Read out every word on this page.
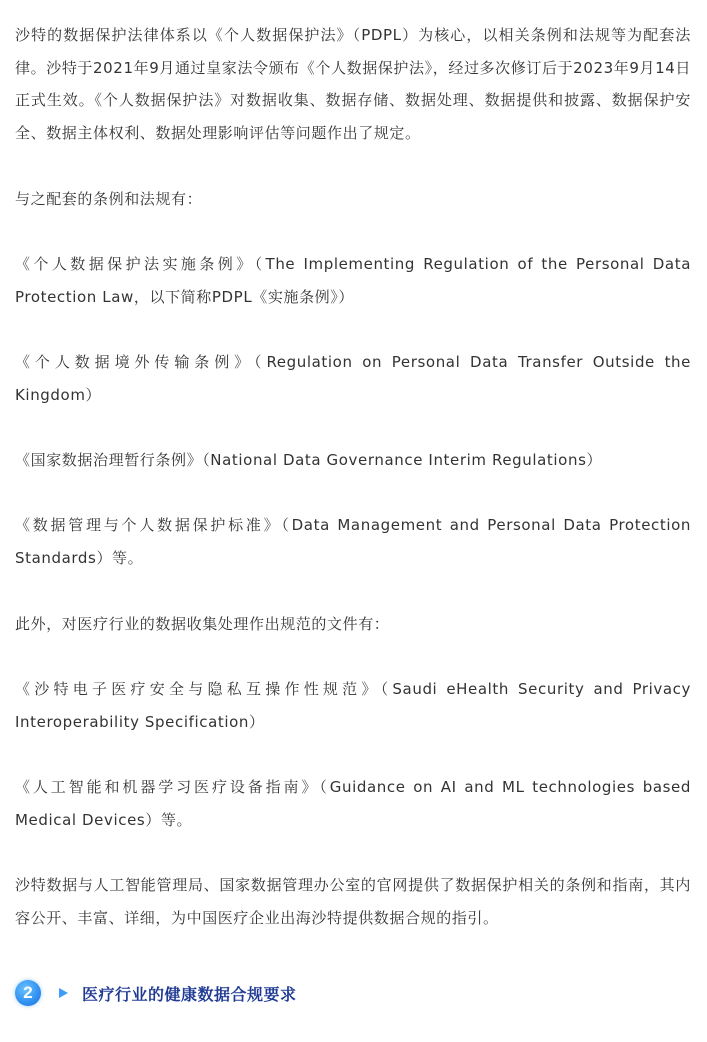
沙特的数据保护法律体系以《个人数据保护法》（PDPL）为核心，以相关条例和法规等为配套法律。沙特于2021年9月通过皇家法令颁布《个人数据保护法》，经过多次修订后于2023年9月14日正式生效。《个人数据保护法》对数据收集、数据存储、数据处理、数据提供和披露、数据保护安全、数据主体权利、数据处理影响评估等问题作出了规定。

与之配套的条例和法规有：

《个人数据保护法实施条例》（The Implementing Regulation of the Personal Data Protection Law，以下简称PDPL《实施条例》）

《个人数据境外传输条例》（Regulation on Personal Data Transfer Outside the Kingdom）

《国家数据治理暂行条例》（National Data Governance Interim Regulations）

《数据管理与个人数据保护标准》（Data Management and Personal Data Protection Standards）等。

此外，对医疗行业的数据收集处理作出规范的文件有：

《沙特电子医疗安全与隐私互操作性规范》（Saudi eHealth Security and Privacy Interoperability Specification）

《人工智能和机器学习医疗设备指南》（Guidance on AI and ML technologies based Medical Devices）等。

沙特数据与人工智能管理局、国家数据管理办公室的官网提供了数据保护相关的条例和指南，其内容公开、丰富、详细，为中国医疗企业出海沙特提供数据合规的指引。

2	医疗行业的健康数据合规要求
